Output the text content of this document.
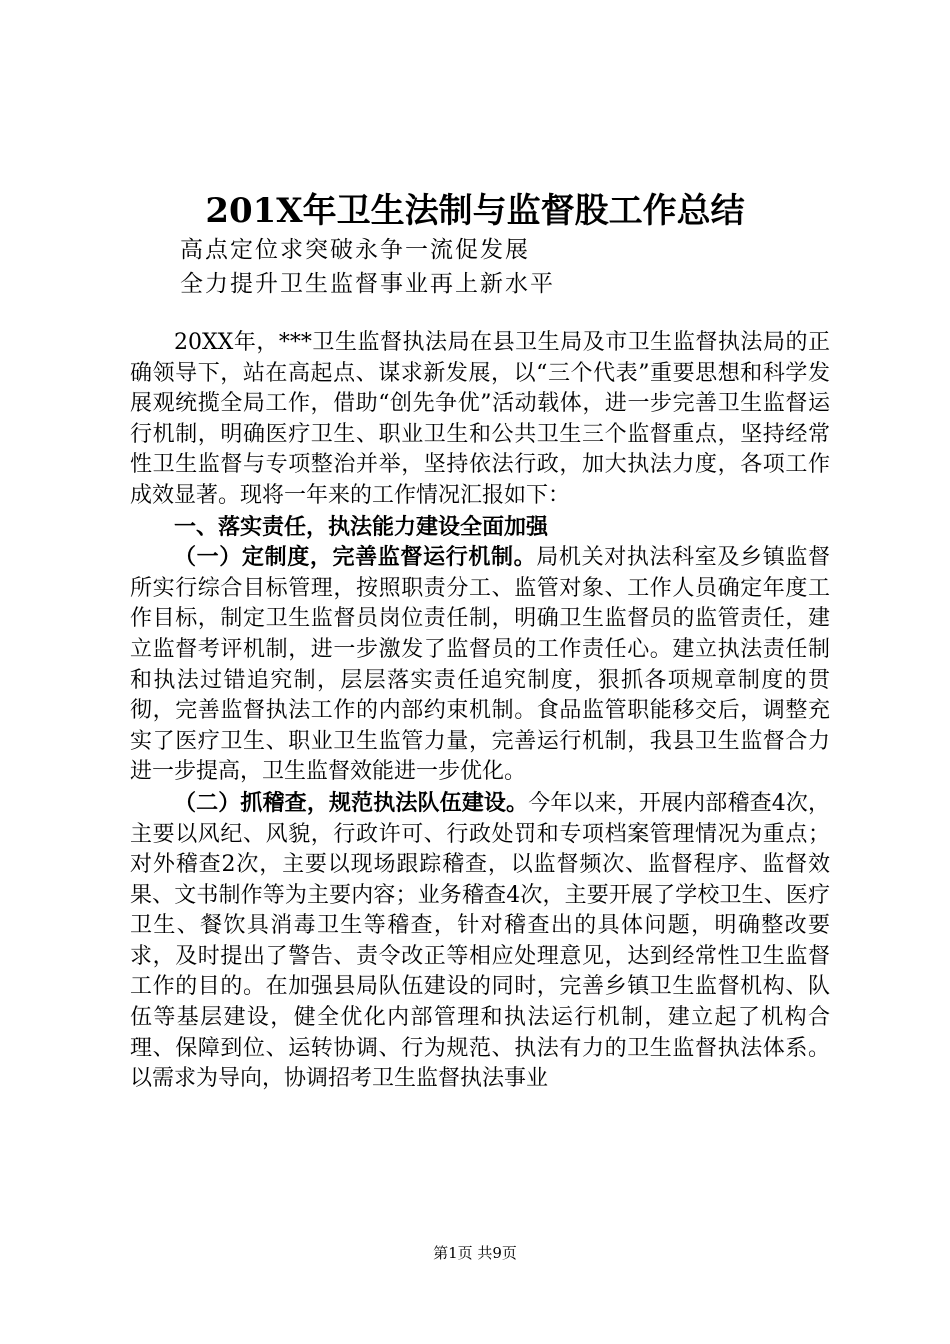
201X年卫生法制与监督股工作总结
高点定位求突破永争一流促发展
全力提升卫生监督事业再上新水平

20XX年，***卫生监督执法局在县卫生局及市卫生监督执法局的正确领导下，站在高起点、谋求新发展，以“三个代表”重要思想和科学发展观统揽全局工作，借助“创先争优”活动载体，进一步完善卫生监督运行机制，明确医疗卫生、职业卫生和公共卫生三个监督重点，坚持经常性卫生监督与专项整治并举，坚持依法行政，加大执法力度，各项工作成效显著。现将一年来的工作情况汇报如下：

一、落实责任，执法能力建设全面加强

（一）定制度，完善监督运行机制。局机关对执法科室及乡镇监督所实行综合目标管理，按照职责分工、监管对象、工作人员确定年度工作目标，制定卫生监督员岗位责任制，明确卫生监督员的监管责任，建立监督考评机制，进一步激发了监督员的工作责任心。建立执法责任制和执法过错追究制，层层落实责任追究制度，狠抓各项规章制度的贯彻，完善监督执法工作的内部约束机制。食品监管职能移交后，调整充实了医疗卫生、职业卫生监管力量，完善运行机制，我县卫生监督合力进一步提高，卫生监督效能进一步优化。

（二）抓稽查，规范执法队伍建设。今年以来，开展内部稽查4次，主要以风纪、风貌，行政许可、行政处罚和专项档案管理情况为重点；对外稽查2次，主要以现场跟踪稽查，以监督频次、监督程序、监督效果、文书制作等为主要内容；业务稽查4次，主要开展了学校卫生、医疗卫生、餐饮具消毒卫生等稽查，针对稽查出的具体问题，明确整改要求，及时提出了警告、责令改正等相应处理意见，达到经常性卫生监督工作的目的。在加强县局队伍建设的同时，完善乡镇卫生监督机构、队伍等基层建设，健全优化内部管理和执法运行机制，建立起了机构合理、保障到位、运转协调、行为规范、执法有力的卫生监督执法体系。以需求为导向，协调招考卫生监督执法事业

第1页 共9页
